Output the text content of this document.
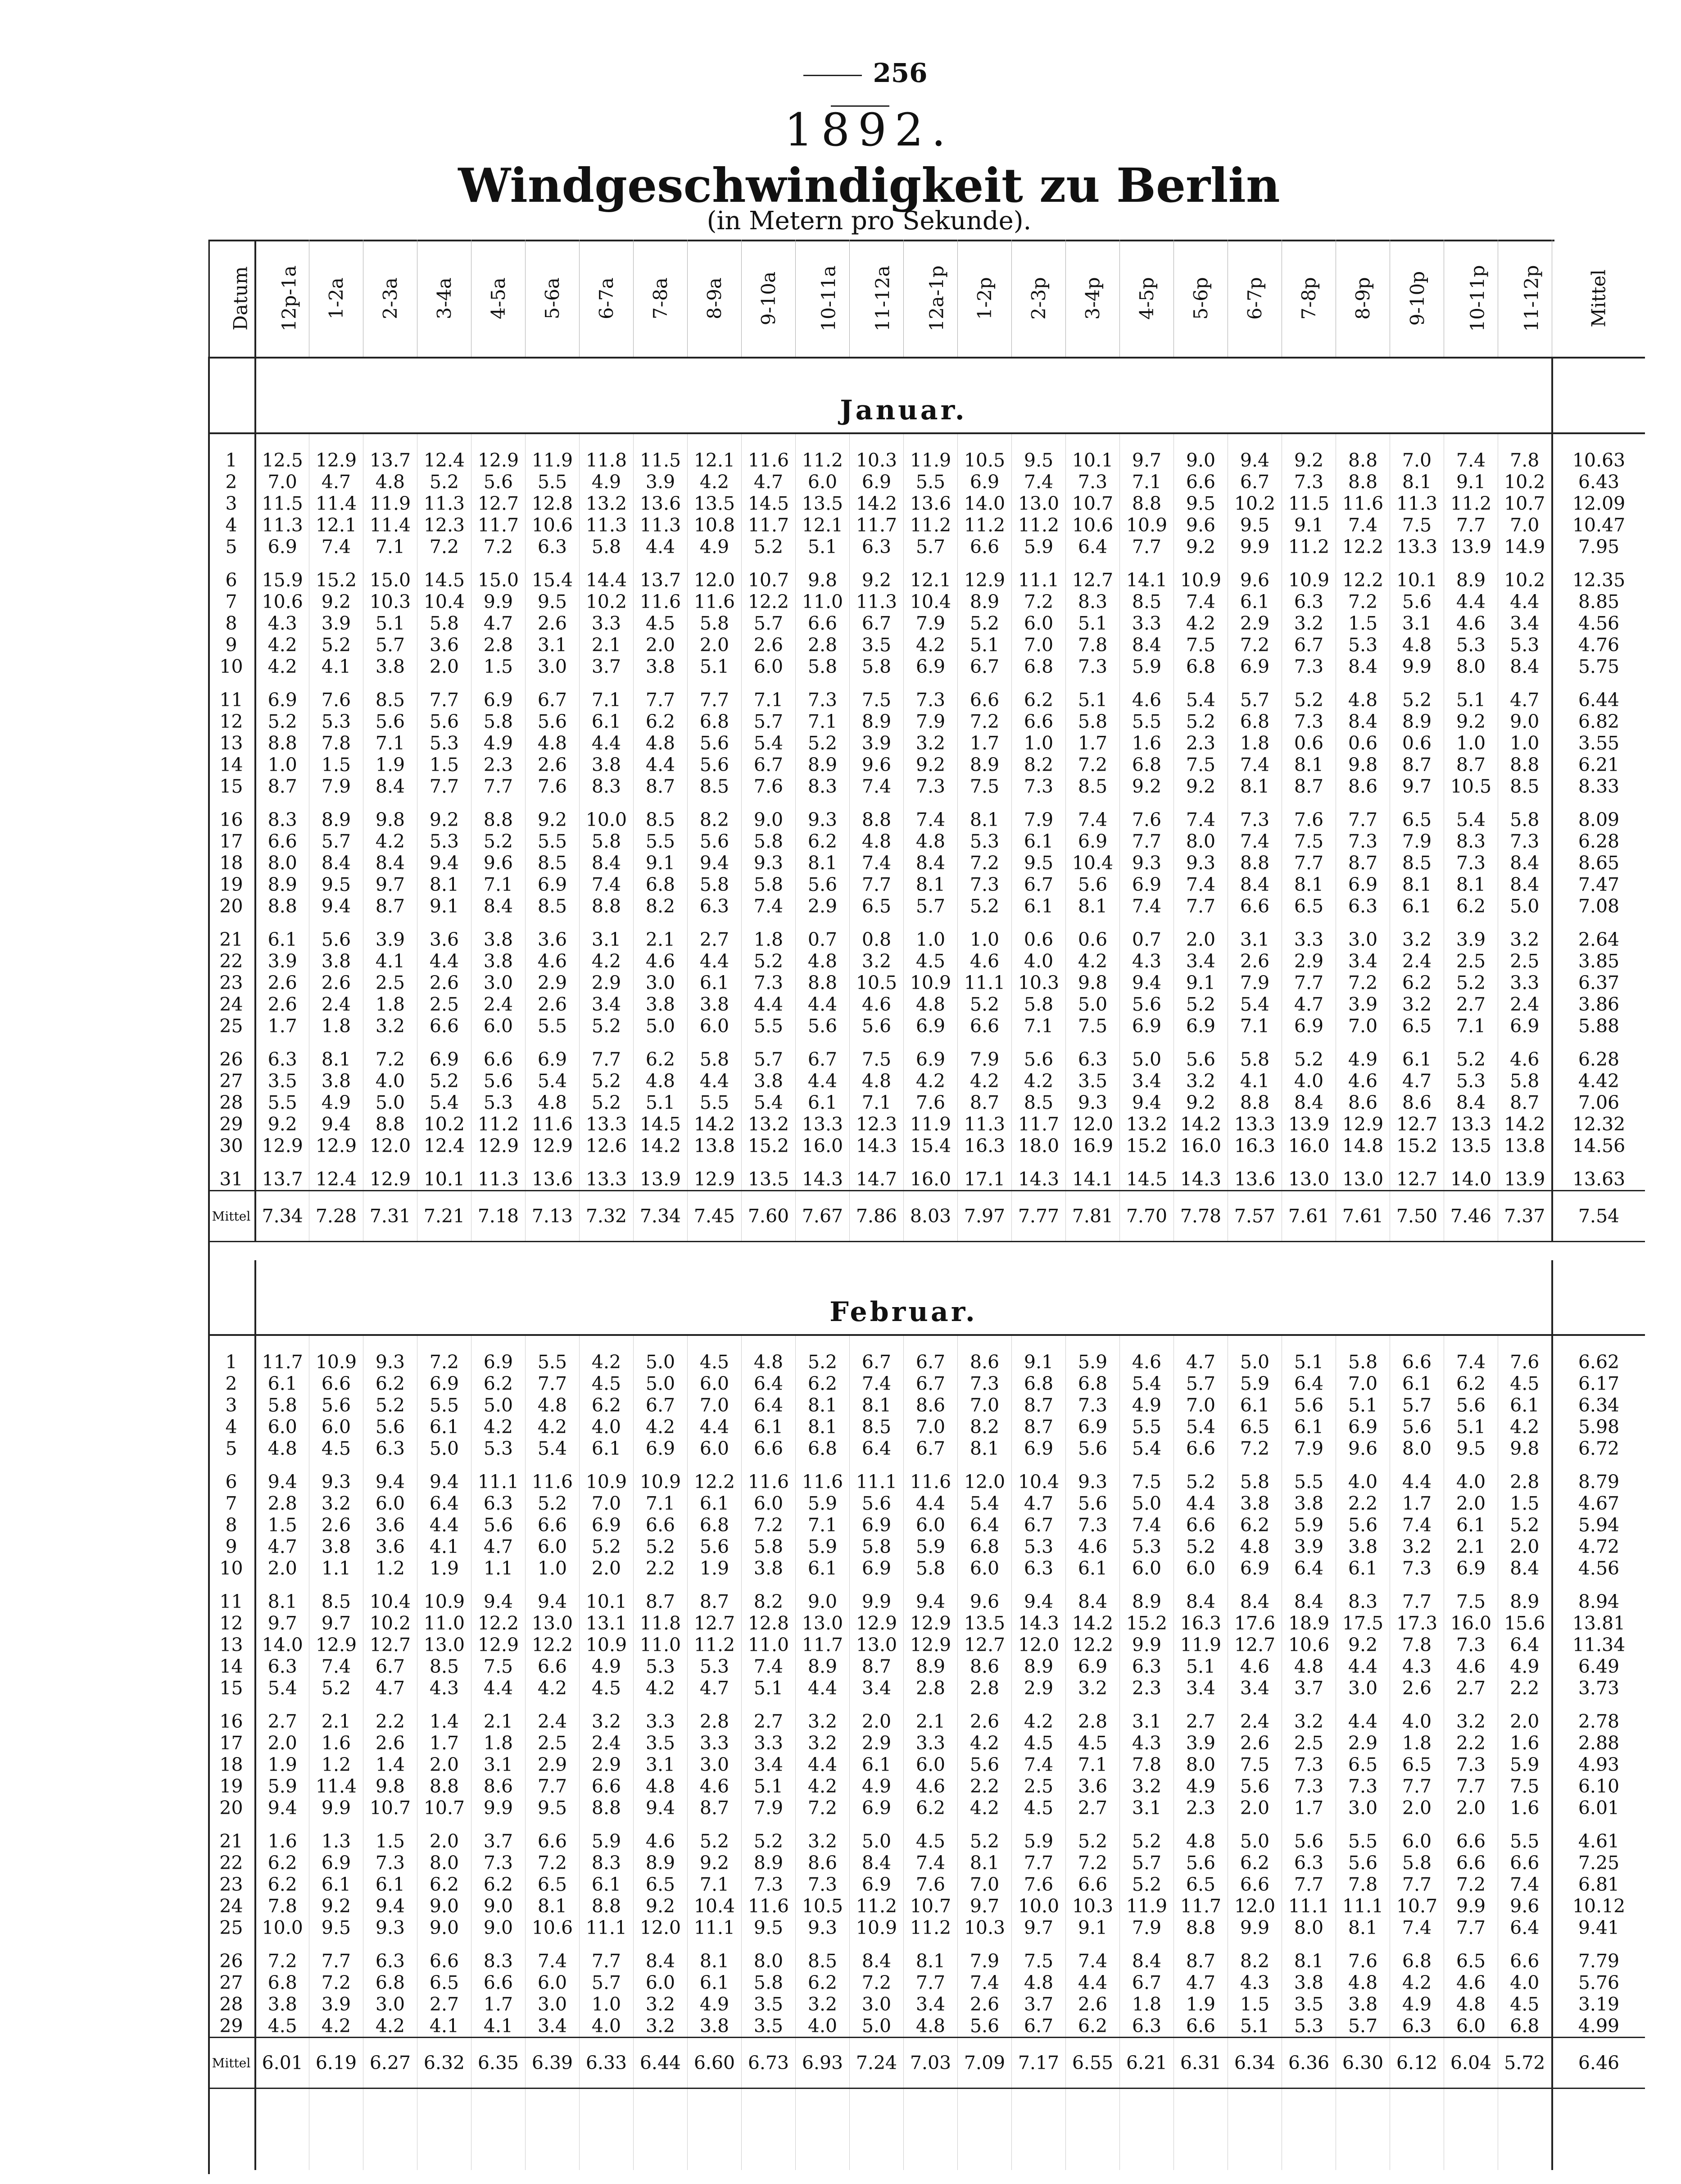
256
1892.
Windgeschwindigkeit zu Berlin
(in Metern pro Sekunde).
Datum	12p-1a	1-2a	2-3a	3-4a	4-5a	5-6a	6-7a	7-8a	8-9a	9-10a	10-11a	11-12a	12a-1p	1-2p	2-3p	3-4p	4-5p	5-6p	6-7p	7-8p	8-9p	9-10p	10-11p	11-12p	Mittel
	Januar.																								
1	12.5	12.9	13.7	12.4	12.9	11.9	11.8	11.5	12.1	11.6	11.2	10.3	11.9	10.5	9.5	10.1	9.7	9.0	9.4	9.2	8.8	7.0	7.4	7.8	10.63
2	7.0	4.7	4.8	5.2	5.6	5.5	4.9	3.9	4.2	4.7	6.0	6.9	5.5	6.9	7.4	7.3	7.1	6.6	6.7	7.3	8.8	8.1	9.1	10.2	6.43
3	11.5	11.4	11.9	11.3	12.7	12.8	13.2	13.6	13.5	14.5	13.5	14.2	13.6	14.0	13.0	10.7	8.8	9.5	10.2	11.5	11.6	11.3	11.2	10.7	12.09
4	11.3	12.1	11.4	12.3	11.7	10.6	11.3	11.3	10.8	11.7	12.1	11.7	11.2	11.2	11.2	10.6	10.9	9.6	9.5	9.1	7.4	7.5	7.7	7.0	10.47
5	6.9	7.4	7.1	7.2	7.2	6.3	5.8	4.4	4.9	5.2	5.1	6.3	5.7	6.6	5.9	6.4	7.7	9.2	9.9	11.2	12.2	13.3	13.9	14.9	7.95
6	15.9	15.2	15.0	14.5	15.0	15.4	14.4	13.7	12.0	10.7	9.8	9.2	12.1	12.9	11.1	12.7	14.1	10.9	9.6	10.9	12.2	10.1	8.9	10.2	12.35
7	10.6	9.2	10.3	10.4	9.9	9.5	10.2	11.6	11.6	12.2	11.0	11.3	10.4	8.9	7.2	8.3	8.5	7.4	6.1	6.3	7.2	5.6	4.4	4.4	8.85
8	4.3	3.9	5.1	5.8	4.7	2.6	3.3	4.5	5.8	5.7	6.6	6.7	7.9	5.2	6.0	5.1	3.3	4.2	2.9	3.2	1.5	3.1	4.6	3.4	4.56
9	4.2	5.2	5.7	3.6	2.8	3.1	2.1	2.0	2.0	2.6	2.8	3.5	4.2	5.1	7.0	7.8	8.4	7.5	7.2	6.7	5.3	4.8	5.3	5.3	4.76
10	4.2	4.1	3.8	2.0	1.5	3.0	3.7	3.8	5.1	6.0	5.8	5.8	6.9	6.7	6.8	7.3	5.9	6.8	6.9	7.3	8.4	9.9	8.0	8.4	5.75
11	6.9	7.6	8.5	7.7	6.9	6.7	7.1	7.7	7.7	7.1	7.3	7.5	7.3	6.6	6.2	5.1	4.6	5.4	5.7	5.2	4.8	5.2	5.1	4.7	6.44
12	5.2	5.3	5.6	5.6	5.8	5.6	6.1	6.2	6.8	5.7	7.1	8.9	7.9	7.2	6.6	5.8	5.5	5.2	6.8	7.3	8.4	8.9	9.2	9.0	6.82
13	8.8	7.8	7.1	5.3	4.9	4.8	4.4	4.8	5.6	5.4	5.2	3.9	3.2	1.7	1.0	1.7	1.6	2.3	1.8	0.6	0.6	0.6	1.0	1.0	3.55
14	1.0	1.5	1.9	1.5	2.3	2.6	3.8	4.4	5.6	6.7	8.9	9.6	9.2	8.9	8.2	7.2	6.8	7.5	7.4	8.1	9.8	8.7	8.7	8.8	6.21
15	8.7	7.9	8.4	7.7	7.7	7.6	8.3	8.7	8.5	7.6	8.3	7.4	7.3	7.5	7.3	8.5	9.2	9.2	8.1	8.7	8.6	9.7	10.5	8.5	8.33
16	8.3	8.9	9.8	9.2	8.8	9.2	10.0	8.5	8.2	9.0	9.3	8.8	7.4	8.1	7.9	7.4	7.6	7.4	7.3	7.6	7.7	6.5	5.4	5.8	8.09
17	6.6	5.7	4.2	5.3	5.2	5.5	5.8	5.5	5.6	5.8	6.2	4.8	4.8	5.3	6.1	6.9	7.7	8.0	7.4	7.5	7.3	7.9	8.3	7.3	6.28
18	8.0	8.4	8.4	9.4	9.6	8.5	8.4	9.1	9.4	9.3	8.1	7.4	8.4	7.2	9.5	10.4	9.3	9.3	8.8	7.7	8.7	8.5	7.3	8.4	8.65
19	8.9	9.5	9.7	8.1	7.1	6.9	7.4	6.8	5.8	5.8	5.6	7.7	8.1	7.3	6.7	5.6	6.9	7.4	8.4	8.1	6.9	8.1	8.1	8.4	7.47
20	8.8	9.4	8.7	9.1	8.4	8.5	8.8	8.2	6.3	7.4	2.9	6.5	5.7	5.2	6.1	8.1	7.4	7.7	6.6	6.5	6.3	6.1	6.2	5.0	7.08
21	6.1	5.6	3.9	3.6	3.8	3.6	3.1	2.1	2.7	1.8	0.7	0.8	1.0	1.0	0.6	0.6	0.7	2.0	3.1	3.3	3.0	3.2	3.9	3.2	2.64
22	3.9	3.8	4.1	4.4	3.8	4.6	4.2	4.6	4.4	5.2	4.8	3.2	4.5	4.6	4.0	4.2	4.3	3.4	2.6	2.9	3.4	2.4	2.5	2.5	3.85
23	2.6	2.6	2.5	2.6	3.0	2.9	2.9	3.0	6.1	7.3	8.8	10.5	10.9	11.1	10.3	9.8	9.4	9.1	7.9	7.7	7.2	6.2	5.2	3.3	6.37
24	2.6	2.4	1.8	2.5	2.4	2.6	3.4	3.8	3.8	4.4	4.4	4.6	4.8	5.2	5.8	5.0	5.6	5.2	5.4	4.7	3.9	3.2	2.7	2.4	3.86
25	1.7	1.8	3.2	6.6	6.0	5.5	5.2	5.0	6.0	5.5	5.6	5.6	6.9	6.6	7.1	7.5	6.9	6.9	7.1	6.9	7.0	6.5	7.1	6.9	5.88
26	6.3	8.1	7.2	6.9	6.6	6.9	7.7	6.2	5.8	5.7	6.7	7.5	6.9	7.9	5.6	6.3	5.0	5.6	5.8	5.2	4.9	6.1	5.2	4.6	6.28
27	3.5	3.8	4.0	5.2	5.6	5.4	5.2	4.8	4.4	3.8	4.4	4.8	4.2	4.2	4.2	3.5	3.4	3.2	4.1	4.0	4.6	4.7	5.3	5.8	4.42
28	5.5	4.9	5.0	5.4	5.3	4.8	5.2	5.1	5.5	5.4	6.1	7.1	7.6	8.7	8.5	9.3	9.4	9.2	8.8	8.4	8.6	8.6	8.4	8.7	7.06
29	9.2	9.4	8.8	10.2	11.2	11.6	13.3	14.5	14.2	13.2	13.3	12.3	11.9	11.3	11.7	12.0	13.2	14.2	13.3	13.9	12.9	12.7	13.3	14.2	12.32
30	12.9	12.9	12.0	12.4	12.9	12.9	12.6	14.2	13.8	15.2	16.0	14.3	15.4	16.3	18.0	16.9	15.2	16.0	16.3	16.0	14.8	15.2	13.5	13.8	14.56
31	13.7	12.4	12.9	10.1	11.3	13.6	13.3	13.9	12.9	13.5	14.3	14.7	16.0	17.1	14.3	14.1	14.5	14.3	13.6	13.0	13.0	12.7	14.0	13.9	13.63
Mittel	7.34	7.28	7.31	7.21	7.18	7.13	7.32	7.34	7.45	7.60	7.67	7.86	8.03	7.97	7.77	7.81	7.70	7.78	7.57	7.61	7.61	7.50	7.46	7.37	7.54

	Februar.																								
1	11.7	10.9	9.3	7.2	6.9	5.5	4.2	5.0	4.5	4.8	5.2	6.7	6.7	8.6	9.1	5.9	4.6	4.7	5.0	5.1	5.8	6.6	7.4	7.6	6.62
2	6.1	6.6	6.2	6.9	6.2	7.7	4.5	5.0	6.0	6.4	6.2	7.4	6.7	7.3	6.8	6.8	5.4	5.7	5.9	6.4	7.0	6.1	6.2	4.5	6.17
3	5.8	5.6	5.2	5.5	5.0	4.8	6.2	6.7	7.0	6.4	8.1	8.1	8.6	7.0	8.7	7.3	4.9	7.0	6.1	5.6	5.1	5.7	5.6	6.1	6.34
4	6.0	6.0	5.6	6.1	4.2	4.2	4.0	4.2	4.4	6.1	8.1	8.5	7.0	8.2	8.7	6.9	5.5	5.4	6.5	6.1	6.9	5.6	5.1	4.2	5.98
5	4.8	4.5	6.3	5.0	5.3	5.4	6.1	6.9	6.0	6.6	6.8	6.4	6.7	8.1	6.9	5.6	5.4	6.6	7.2	7.9	9.6	8.0	9.5	9.8	6.72
6	9.4	9.3	9.4	9.4	11.1	11.6	10.9	10.9	12.2	11.6	11.6	11.1	11.6	12.0	10.4	9.3	7.5	5.2	5.8	5.5	4.0	4.4	4.0	2.8	8.79
7	2.8	3.2	6.0	6.4	6.3	5.2	7.0	7.1	6.1	6.0	5.9	5.6	4.4	5.4	4.7	5.6	5.0	4.4	3.8	3.8	2.2	1.7	2.0	1.5	4.67
8	1.5	2.6	3.6	4.4	5.6	6.6	6.9	6.6	6.8	7.2	7.1	6.9	6.0	6.4	6.7	7.3	7.4	6.6	6.2	5.9	5.6	7.4	6.1	5.2	5.94
9	4.7	3.8	3.6	4.1	4.7	6.0	5.2	5.2	5.6	5.8	5.9	5.8	5.9	6.8	5.3	4.6	5.3	5.2	4.8	3.9	3.8	3.2	2.1	2.0	4.72
10	2.0	1.1	1.2	1.9	1.1	1.0	2.0	2.2	1.9	3.8	6.1	6.9	5.8	6.0	6.3	6.1	6.0	6.0	6.9	6.4	6.1	7.3	6.9	8.4	4.56
11	8.1	8.5	10.4	10.9	9.4	9.4	10.1	8.7	8.7	8.2	9.0	9.9	9.4	9.6	9.4	8.4	8.9	8.4	8.4	8.4	8.3	7.7	7.5	8.9	8.94
12	9.7	9.7	10.2	11.0	12.2	13.0	13.1	11.8	12.7	12.8	13.0	12.9	12.9	13.5	14.3	14.2	15.2	16.3	17.6	18.9	17.5	17.3	16.0	15.6	13.81
13	14.0	12.9	12.7	13.0	12.9	12.2	10.9	11.0	11.2	11.0	11.7	13.0	12.9	12.7	12.0	12.2	9.9	11.9	12.7	10.6	9.2	7.8	7.3	6.4	11.34
14	6.3	7.4	6.7	8.5	7.5	6.6	4.9	5.3	5.3	7.4	8.9	8.7	8.9	8.6	8.9	6.9	6.3	5.1	4.6	4.8	4.4	4.3	4.6	4.9	6.49
15	5.4	5.2	4.7	4.3	4.4	4.2	4.5	4.2	4.7	5.1	4.4	3.4	2.8	2.8	2.9	3.2	2.3	3.4	3.4	3.7	3.0	2.6	2.7	2.2	3.73
16	2.7	2.1	2.2	1.4	2.1	2.4	3.2	3.3	2.8	2.7	3.2	2.0	2.1	2.6	4.2	2.8	3.1	2.7	2.4	3.2	4.4	4.0	3.2	2.0	2.78
17	2.0	1.6	2.6	1.7	1.8	2.5	2.4	3.5	3.3	3.3	3.2	2.9	3.3	4.2	4.5	4.5	4.3	3.9	2.6	2.5	2.9	1.8	2.2	1.6	2.88
18	1.9	1.2	1.4	2.0	3.1	2.9	2.9	3.1	3.0	3.4	4.4	6.1	6.0	5.6	7.4	7.1	7.8	8.0	7.5	7.3	6.5	6.5	7.3	5.9	4.93
19	5.9	11.4	9.8	8.8	8.6	7.7	6.6	4.8	4.6	5.1	4.2	4.9	4.6	2.2	2.5	3.6	3.2	4.9	5.6	7.3	7.3	7.7	7.7	7.5	6.10
20	9.4	9.9	10.7	10.7	9.9	9.5	8.8	9.4	8.7	7.9	7.2	6.9	6.2	4.2	4.5	2.7	3.1	2.3	2.0	1.7	3.0	2.0	2.0	1.6	6.01
21	1.6	1.3	1.5	2.0	3.7	6.6	5.9	4.6	5.2	5.2	3.2	5.0	4.5	5.2	5.9	5.2	5.2	4.8	5.0	5.6	5.5	6.0	6.6	5.5	4.61
22	6.2	6.9	7.3	8.0	7.3	7.2	8.3	8.9	9.2	8.9	8.6	8.4	7.4	8.1	7.7	7.2	5.7	5.6	6.2	6.3	5.6	5.8	6.6	6.6	7.25
23	6.2	6.1	6.1	6.2	6.2	6.5	6.1	6.5	7.1	7.3	7.3	6.9	7.6	7.0	7.6	6.6	5.2	6.5	6.6	7.7	7.8	7.7	7.2	7.4	6.81
24	7.8	9.2	9.4	9.0	9.0	8.1	8.8	9.2	10.4	11.6	10.5	11.2	10.7	9.7	10.0	10.3	11.9	11.7	12.0	11.1	11.1	10.7	9.9	9.6	10.12
25	10.0	9.5	9.3	9.0	9.0	10.6	11.1	12.0	11.1	9.5	9.3	10.9	11.2	10.3	9.7	9.1	7.9	8.8	9.9	8.0	8.1	7.4	7.7	6.4	9.41
26	7.2	7.7	6.3	6.6	8.3	7.4	7.7	8.4	8.1	8.0	8.5	8.4	8.1	7.9	7.5	7.4	8.4	8.7	8.2	8.1	7.6	6.8	6.5	6.6	7.79
27	6.8	7.2	6.8	6.5	6.6	6.0	5.7	6.0	6.1	5.8	6.2	7.2	7.7	7.4	4.8	4.4	6.7	4.7	4.3	3.8	4.8	4.2	4.6	4.0	5.76
28	3.8	3.9	3.0	2.7	1.7	3.0	1.0	3.2	4.9	3.5	3.2	3.0	3.4	2.6	3.7	2.6	1.8	1.9	1.5	3.5	3.8	4.9	4.8	4.5	3.19
29	4.5	4.2	4.2	4.1	4.1	3.4	4.0	3.2	3.8	3.5	4.0	5.0	4.8	5.6	6.7	6.2	6.3	6.6	5.1	5.3	5.7	6.3	6.0	6.8	4.99
Mittel	6.01	6.19	6.27	6.32	6.35	6.39	6.33	6.44	6.60	6.73	6.93	7.24	7.03	7.09	7.17	6.55	6.21	6.31	6.34	6.36	6.30	6.12	6.04	5.72	6.46
